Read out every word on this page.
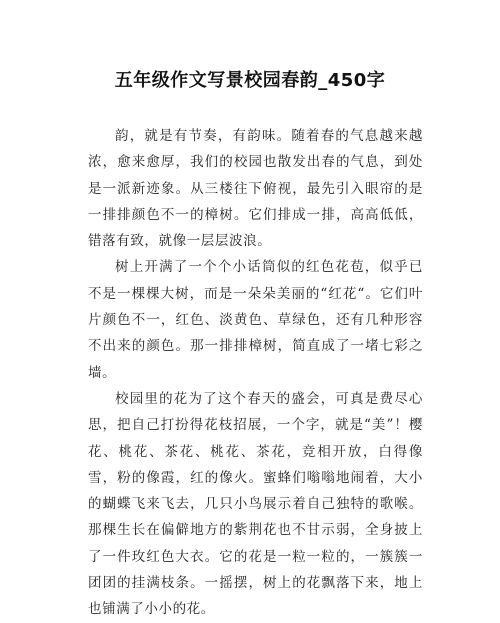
五年级作文写景校园春韵_450字

韵，就是有节奏，有韵味。随着春的气息越来越浓，愈来愈厚，我们的校园也散发出春的气息，到处是一派新迹象。从三楼往下俯视，最先引入眼帘的是一排排颜色不一的樟树。它们排成一排，高高低低，错落有致，就像一层层波浪。

树上开满了一个个小话筒似的红色花苞，似乎已不是一棵棵大树，而是一朵朵美丽的“红花“。它们叶片颜色不一，红色、淡黄色、草绿色，还有几种形容不出来的颜色。那一排排樟树，简直成了一堵七彩之墙。

校园里的花为了这个春天的盛会，可真是费尽心思，把自己打扮得花枝招展，一个字，就是“美”！樱花、桃花、茶花、桃花、茶花，竞相开放，白得像雪，粉的像霞，红的像火。蜜蜂们嗡嗡地闹着，大小的蝴蝶飞来飞去，几只小鸟展示着自己独特的歌喉。那棵生长在偏僻地方的紫荆花也不甘示弱，全身披上了一件玫红色大衣。它的花是一粒一粒的，一簇簇一团团的挂满枝条。一摇摆，树上的花飘落下来，地上也铺满了小小的花。
